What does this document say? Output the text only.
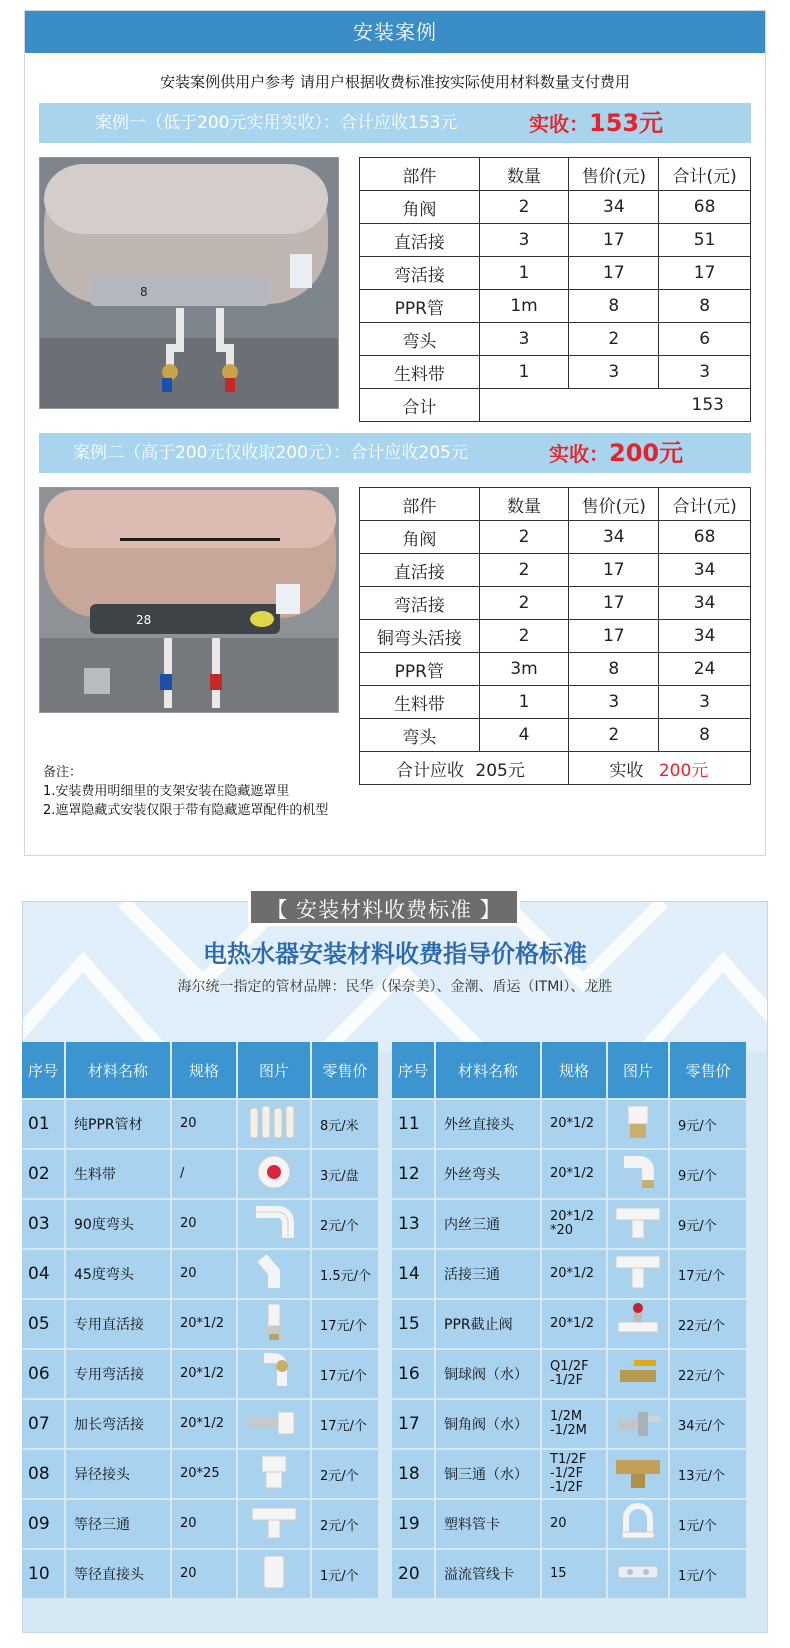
安装案例
安装案例供用户参考 请用户根据收费标准按实际使用材料数量支付费用
案例一（低于200元实用实收）：合计应收153元	实收：153元
8
部件	数量	售价(元)	合计(元)
角阀	2	34	68
直活接	3	17	51
弯活接	1	17	17
PPR管	1m	8	8
弯头	3	2	6
生料带	1	3	3
合计	153		
案例二（高于200元仅收取200元）：合计应收205元	实收：200元
28
部件	数量	售价(元)	合计(元)
角阀	2	34	68
直活接	2	17	34
弯活接	2	17	34
铜弯头活接	2	17	34
PPR管	3m	8	24
生料带	1	3	3
弯头	4	2	8
合计应收 205元		实收 200元	
备注：
1.安装费用明细里的支架安装在隐藏遮罩里
2.遮罩隐藏式安装仅限于带有隐藏遮罩配件的机型
电热水器安装材料收费指导价格标准
海尔统一指定的管材品牌：民华（保奈美）、金潮、盾运（ITMI）、龙胜
【 安装材料收费标准 】
序号	材料名称	规格	图片	零售价
01	纯PPR管材	20		8元/米
02	生料带	/		3元/盘
03	90度弯头	20		2元/个
04	45度弯头	20		1.5元/个
05	专用直活接	20*1/2		17元/个
06	专用弯活接	20*1/2		17元/个
07	加长弯活接	20*1/2		17元/个
08	异径接头	20*25		2元/个
09	等径三通	20		2元/个
10	等径直接头	20		1元/个
序号	材料名称	规格	图片	零售价
11	外丝直接头	20*1/2		9元/个
12	外丝弯头	20*1/2		9元/个
13	内丝三通	20*1/2
*20		9元/个
14	活接三通	20*1/2		17元/个
15	PPR截止阀	20*1/2		22元/个
16	铜球阀（水）	Q1/2F
-1/2F		22元/个
17	铜角阀（水）	1/2M
-1/2M		34元/个
18	铜三通（水）	T1/2F
-1/2F
-1/2F		13元/个
19	塑料管卡	20		1元/个
20	溢流管线卡	15		1元/个
